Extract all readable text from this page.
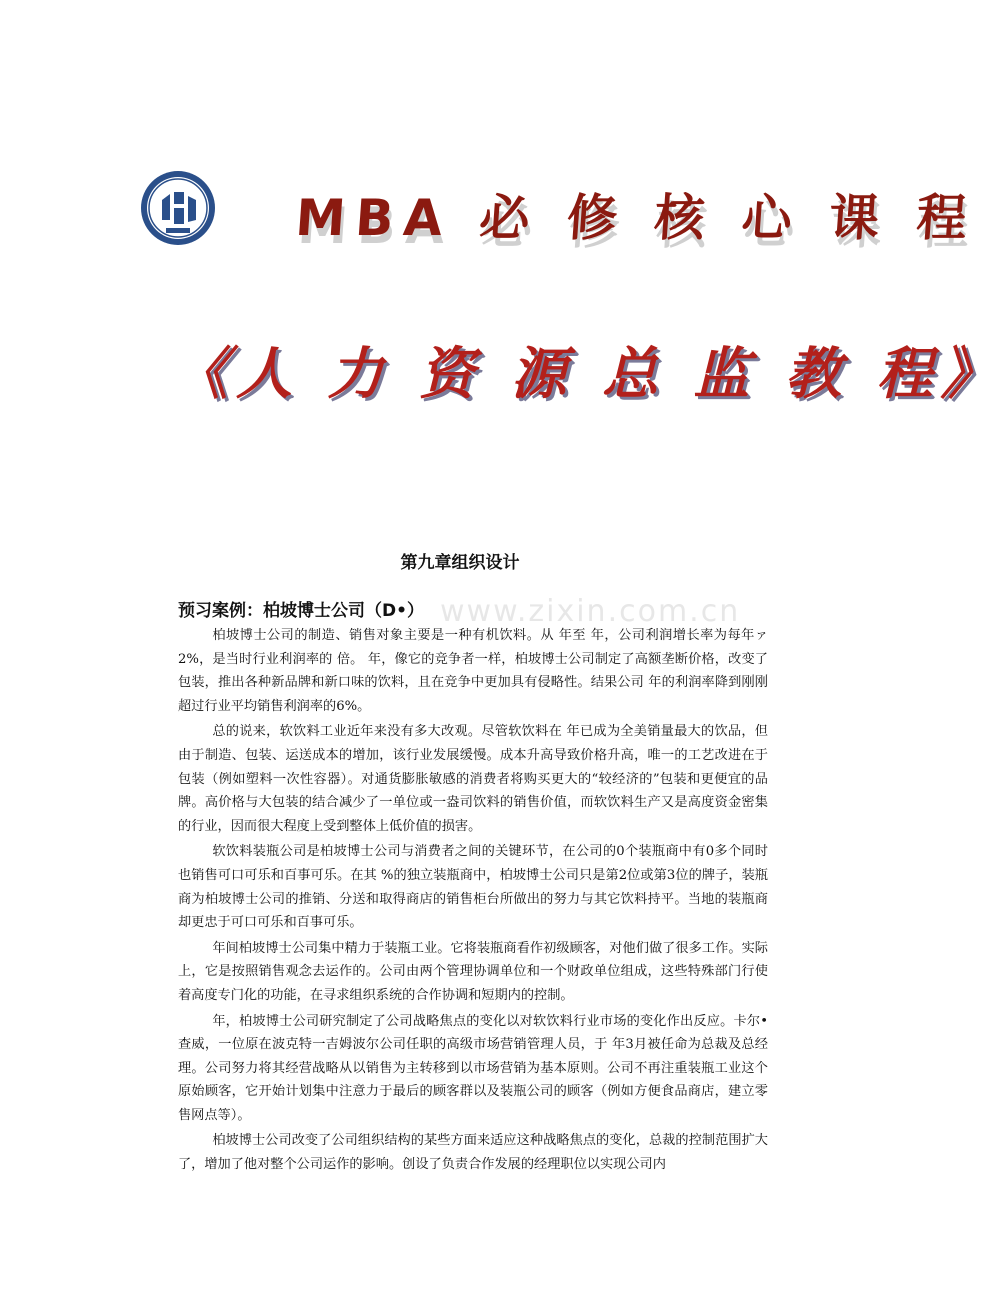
MBA 必 修 核 心 课 程
《人 力 资 源 总 监 教 程》
第九章组织设计
www.zixin.com.cn
预习案例：柏坡博士公司（D•）

柏坡博士公司的制造、销售对象主要是一种有机饮料。从 年至 年，公司利润增长率为每年ァ2%，是当时行业利润率的 倍。 年，像它的竞争者一样，柏坡博士公司制定了高额垄断价格，改变了包装，推出各种新品牌和新口味的饮料，且在竞争中更加具有侵略性。结果公司 年的利润率降到刚刚超过行业平均销售利润率的6%。

总的说来，软饮料工业近年来没有多大改观。尽管软饮料在 年已成为全美销量最大的饮品，但由于制造、包装、运送成本的增加，该行业发展缓慢。成本升高导致价格升高，唯一的工艺改进在于包装（例如塑料一次性容器）。对通货膨胀敏感的消费者将购买更大的“较经济的”包装和更便宜的品牌。高价格与大包装的结合减少了一单位或一盎司饮料的销售价值，而软饮料生产又是高度资金密集的行业，因而很大程度上受到整体上低价值的损害。

软饮料装瓶公司是柏坡博士公司与消费者之间的关键环节，在公司的0个装瓶商中有0多个同时也销售可口可乐和百事可乐。在其 %的独立装瓶商中，柏坡博士公司只是第2位或第3位的牌子，装瓶商为柏坡博士公司的推销、分送和取得商店的销售柜台所做出的努力与其它饮料持平。当地的装瓶商却更忠于可口可乐和百事可乐。

年间柏坡博士公司集中精力于装瓶工业。它将装瓶商看作初级顾客，对他们做了很多工作。实际上，它是按照销售观念去运作的。公司由两个管理协调单位和一个财政单位组成，这些特殊部门行使着高度专门化的功能，在寻求组织系统的合作协调和短期内的控制。

年，柏坡博士公司研究制定了公司战略焦点的变化以对软饮料行业市场的变化作出反应。卡尔•查威，一位原在波克特一吉姆波尔公司任职的高级市场营销管理人员，于 年3月被任命为总裁及总经理。公司努力将其经营战略从以销售为主转移到以市场营销为基本原则。公司不再注重装瓶工业这个原始顾客，它开始计划集中注意力于最后的顾客群以及装瓶公司的顾客（例如方便食品商店，建立零售网点等）。

柏坡博士公司改变了公司组织结构的某些方面来适应这种战略焦点的变化，总裁的控制范围扩大了，增加了他对整个公司运作的影响。创设了负责合作发展的经理职位以实现公司内
